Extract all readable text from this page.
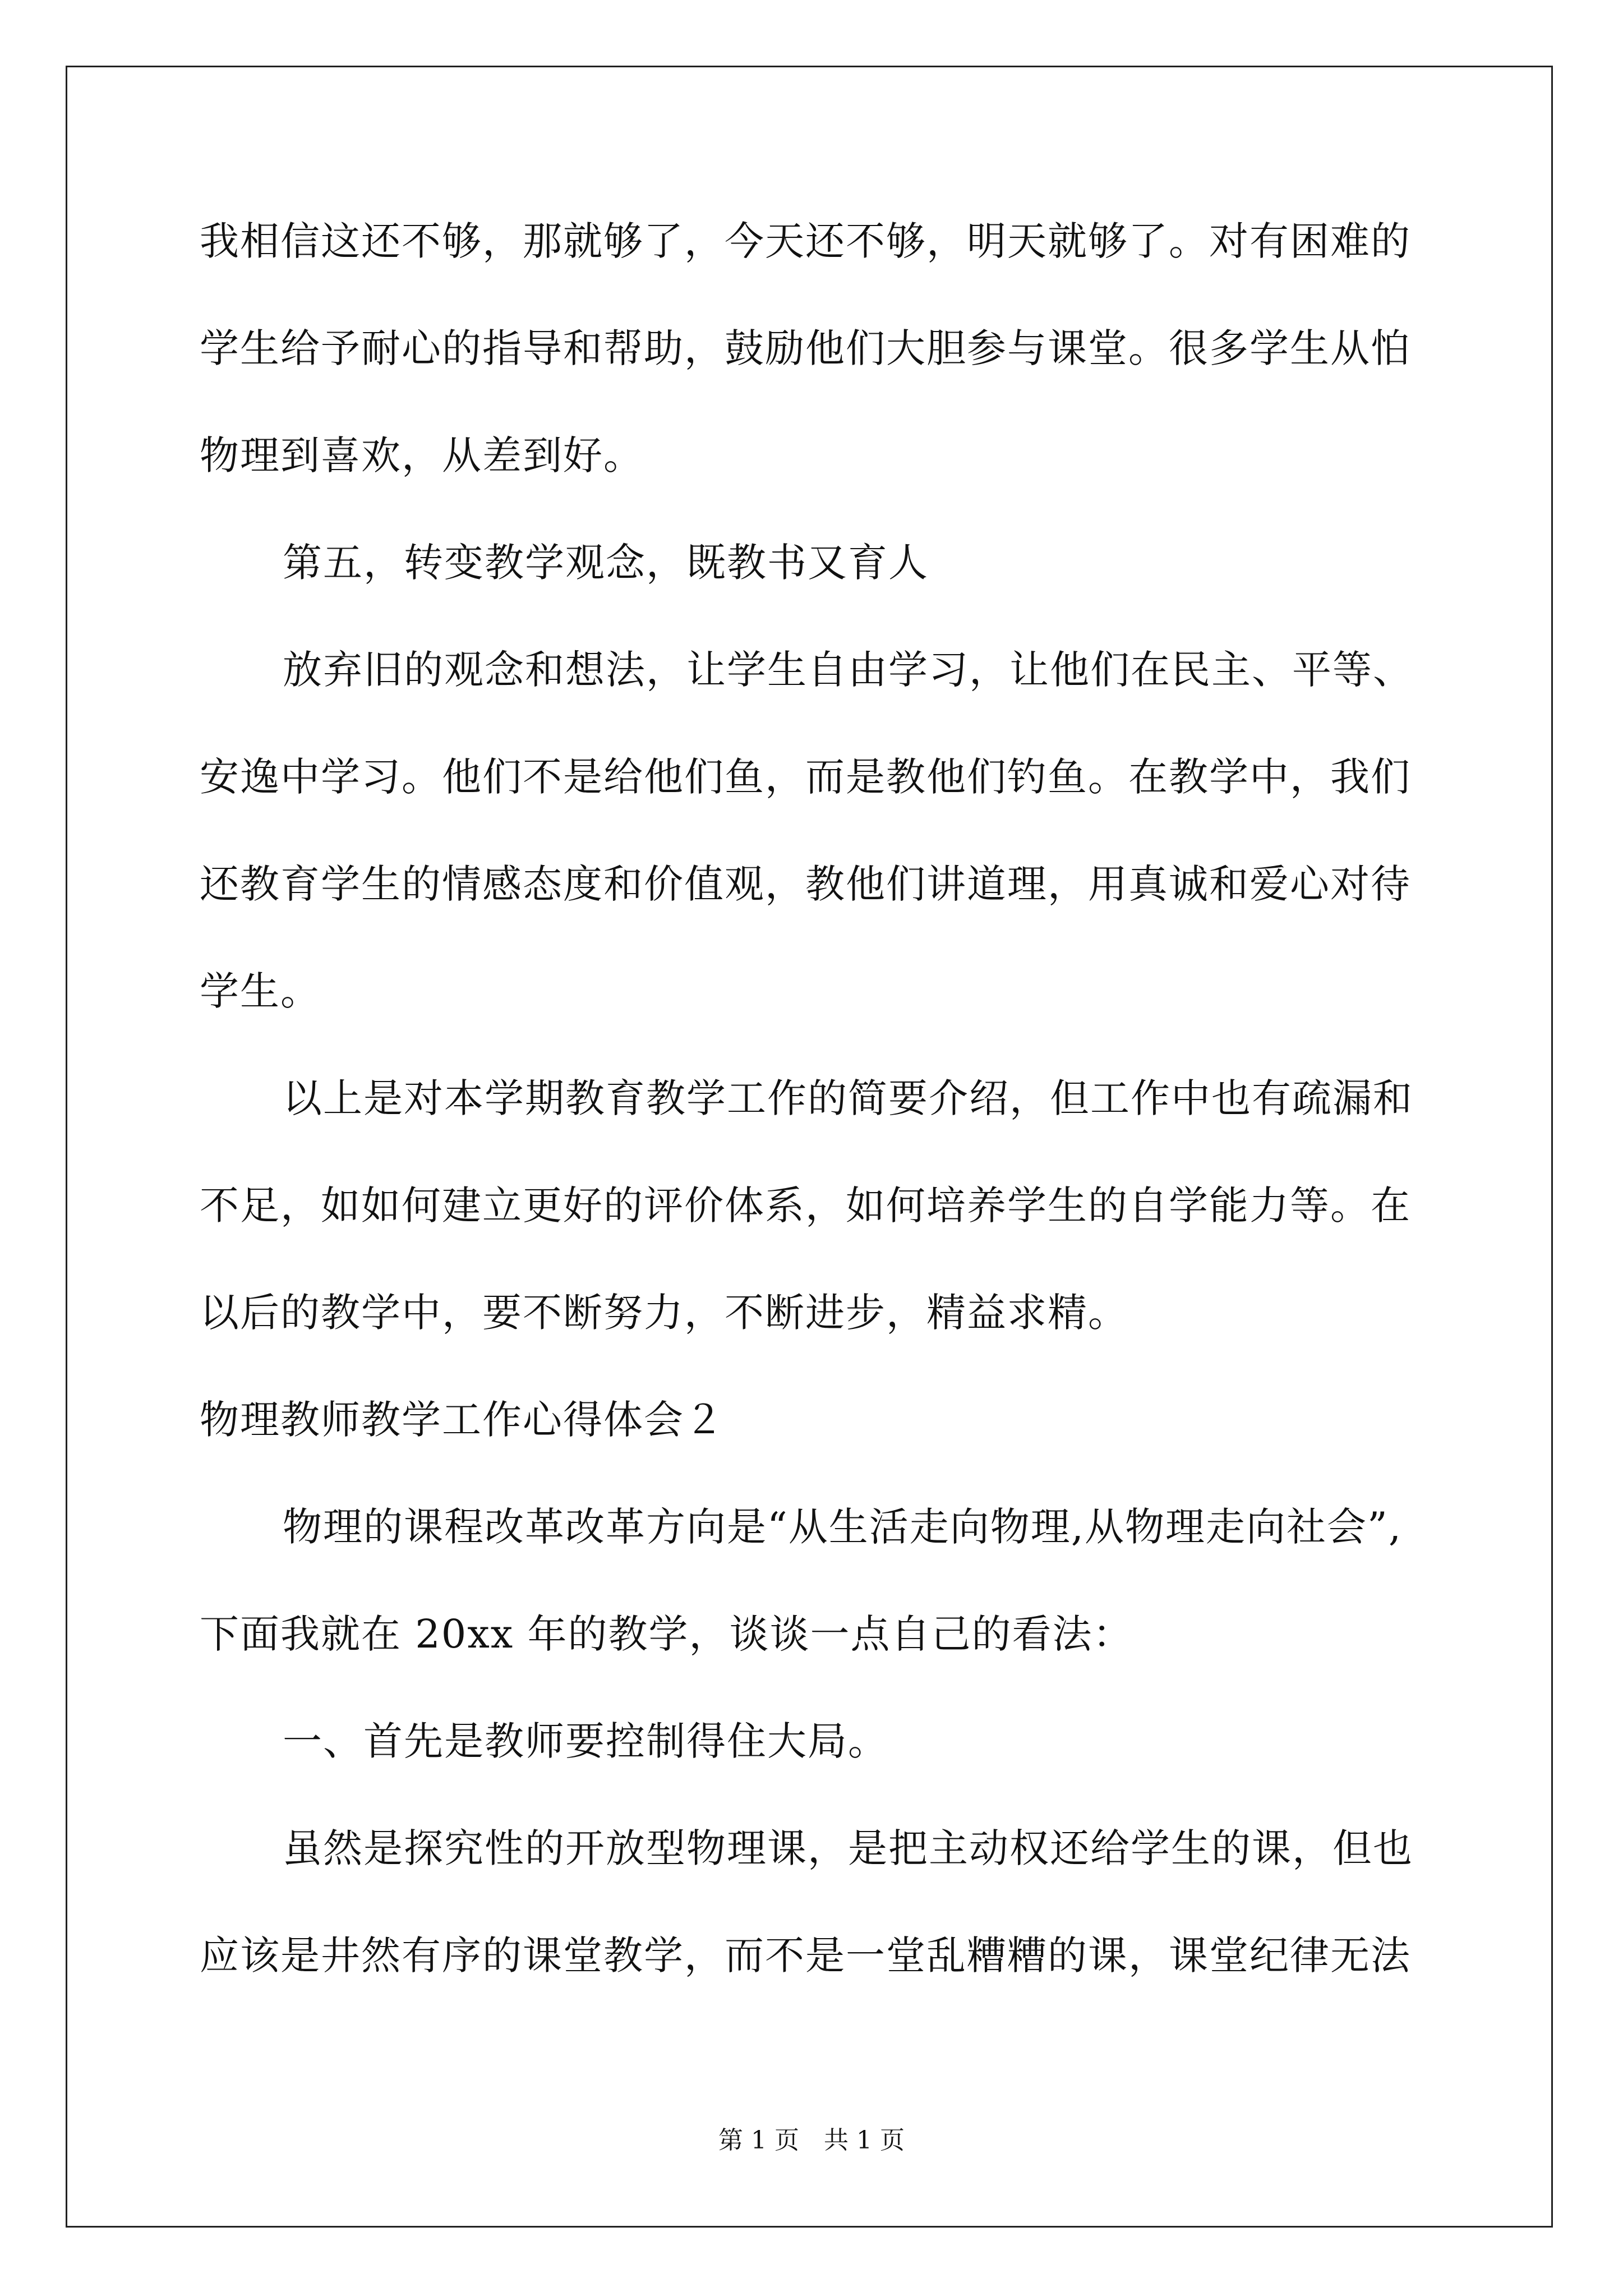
我相信这还不够，那就够了，今天还不够，明天就够了。对有困难的
学生给予耐心的指导和帮助，鼓励他们大胆参与课堂。很多学生从怕
物理到喜欢，从差到好。
第五，转变教学观念，既教书又育人
放弃旧的观念和想法，让学生自由学习，让他们在民主、平等、
安逸中学习。他们不是给他们鱼，而是教他们钓鱼。在教学中，我们
还教育学生的情感态度和价值观，教他们讲道理，用真诚和爱心对待
学生。
以上是对本学期教育教学工作的简要介绍，但工作中也有疏漏和
不足，如如何建立更好的评价体系，如何培养学生的自学能力等。在
以后的教学中，要不断努力，不断进步，精益求精。
物理教师教学工作心得体会２
物理的课程改革改革方向是“从生活走向物理,从物理走向社会”,
下面我就在 20xx 年的教学，谈谈一点自己的看法：
一、首先是教师要控制得住大局。
虽然是探究性的开放型物理课，是把主动权还给学生的课，但也
应该是井然有序的课堂教学，而不是一堂乱糟糟的课，课堂纪律无法
第 1 页　共 1 页
